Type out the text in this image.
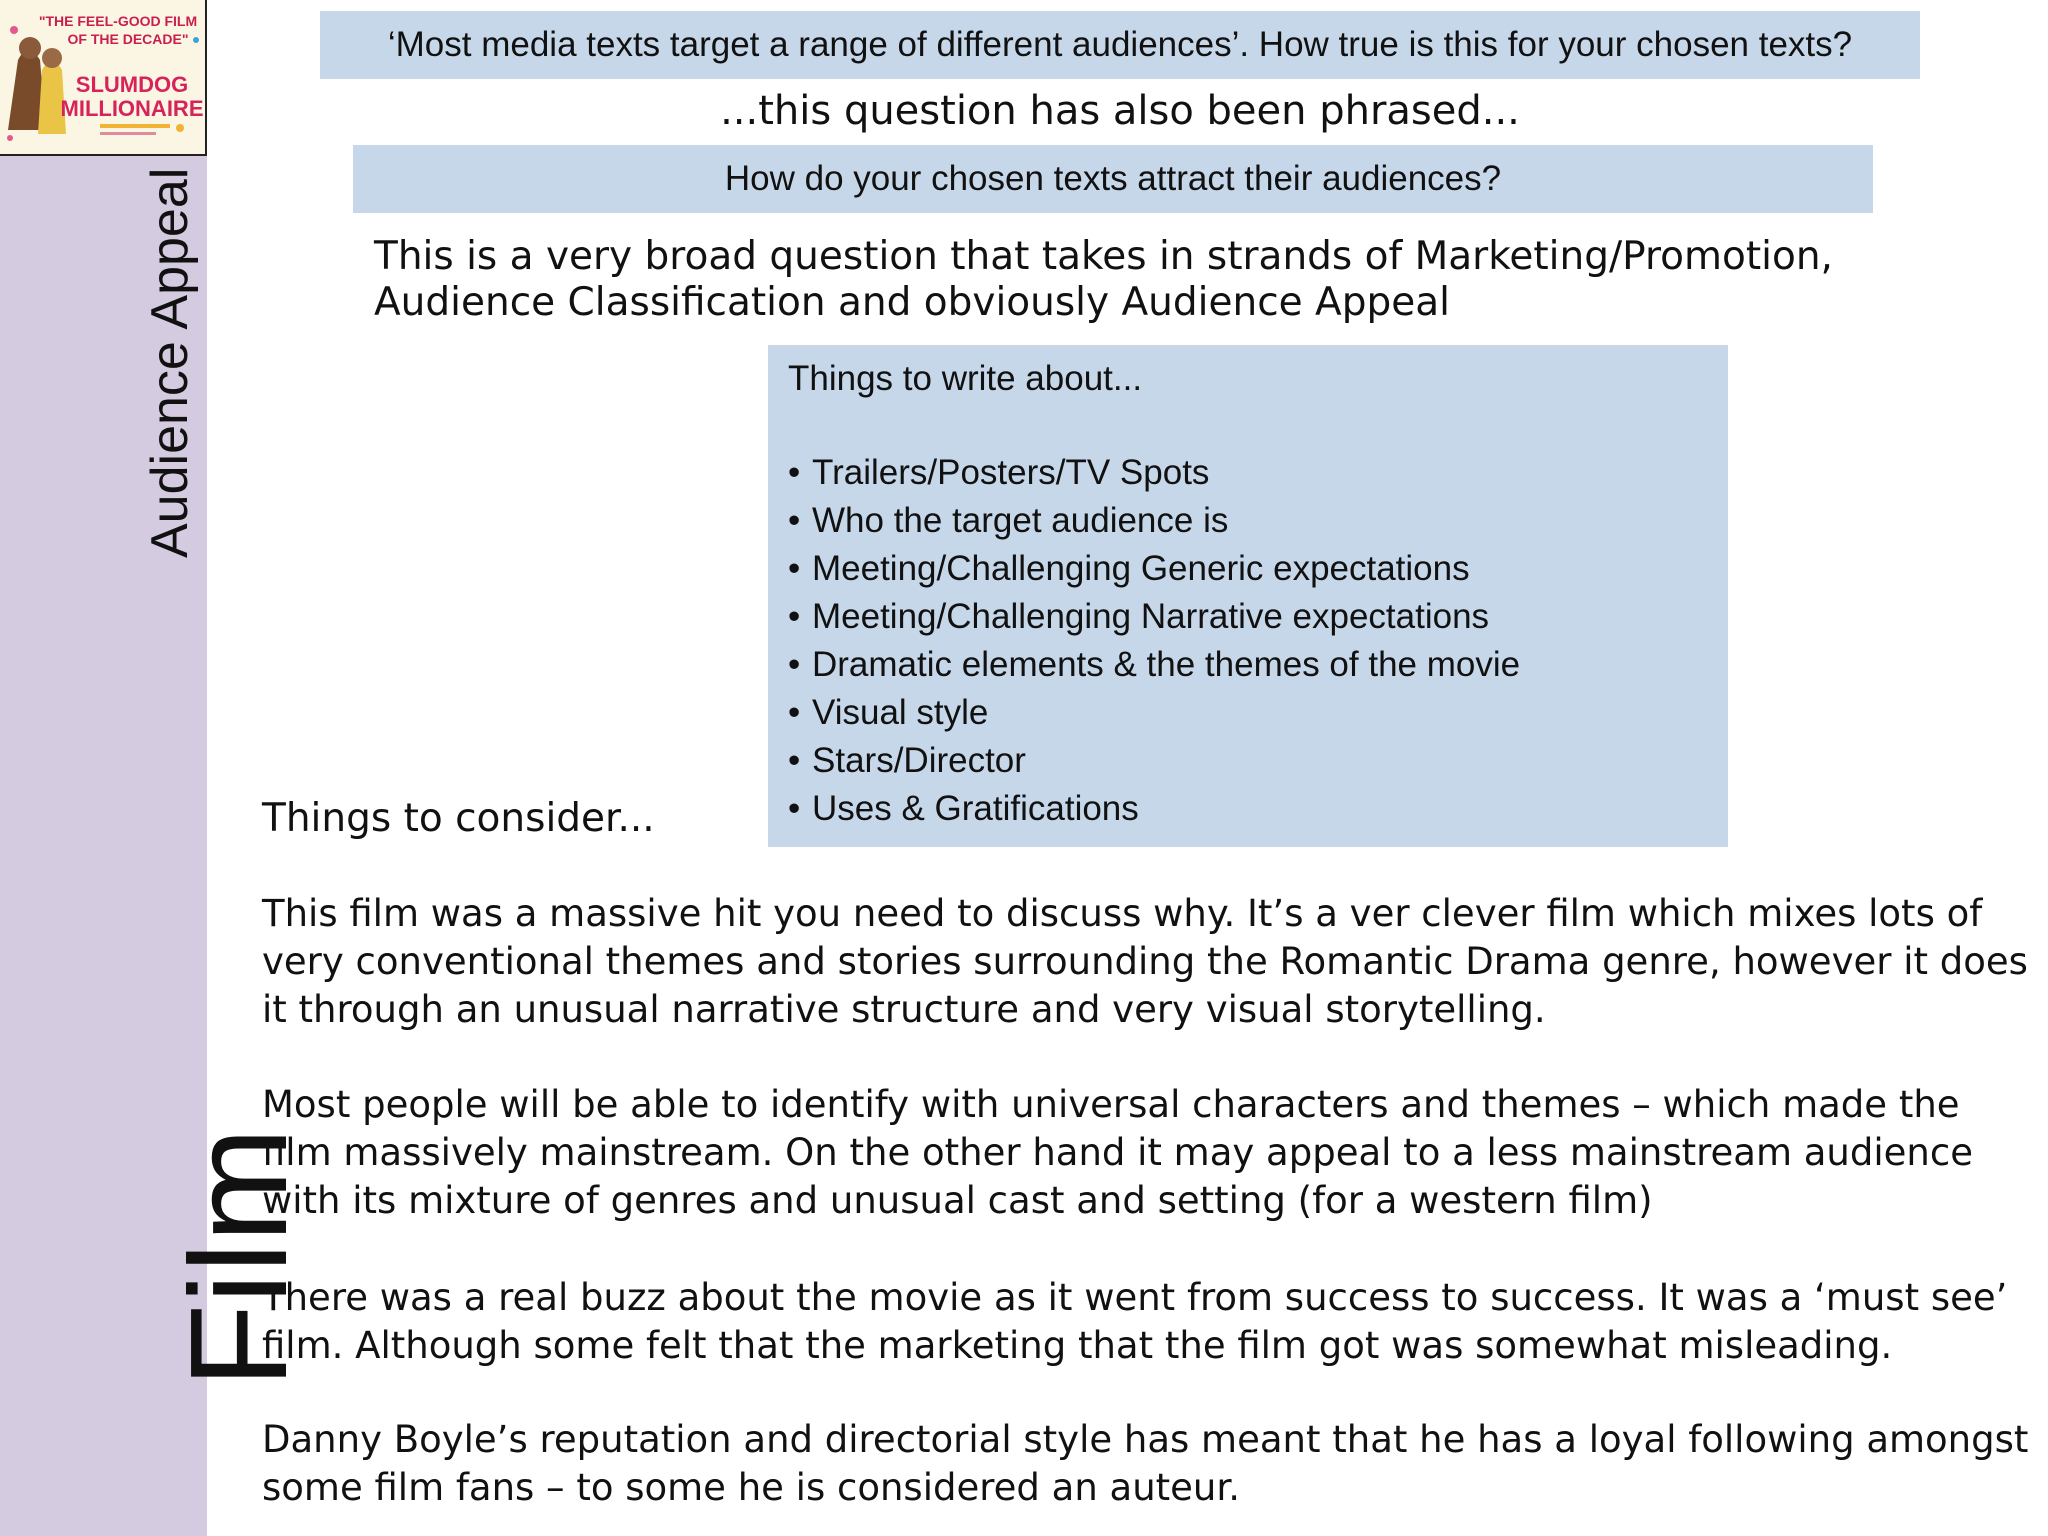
"THE FEEL-GOOD FILM
OF THE DECADE"
SLUMDOG
MILLIONAIRE
Audience Appeal
Film
‘Most media texts target a range of different audiences’. How true is this for your chosen texts?
...this question has also been phrased...
How do your chosen texts attract their audiences?
This is a very broad question that takes in strands of Marketing/Promotion, Audience Classification and obviously Audience Appeal
Things to write about...
• Trailers/Posters/TV Spots
• Who the target audience is
• Meeting/Challenging Generic expectations
• Meeting/Challenging Narrative expectations
• Dramatic elements & the themes of the movie
• Visual style
• Stars/Director
• Uses & Gratifications
Things to consider...
This film was a massive hit you need to discuss why. It’s a ver clever film which mixes lots of very conventional themes and stories surrounding the Romantic Drama genre, however it does it through an unusual narrative structure and very visual storytelling.
Most people will be able to identify with universal characters and themes – which made the film massively mainstream. On the other hand it may appeal to a less mainstream audience with its mixture of genres and unusual cast and setting (for a western film)
There was a real buzz about the movie as it went from success to success. It was a ‘must see’ film. Although some felt that the marketing that the film got was somewhat misleading.
Danny Boyle’s reputation and directorial style has meant that he has a loyal following amongst some film fans – to some he is considered an auteur.
